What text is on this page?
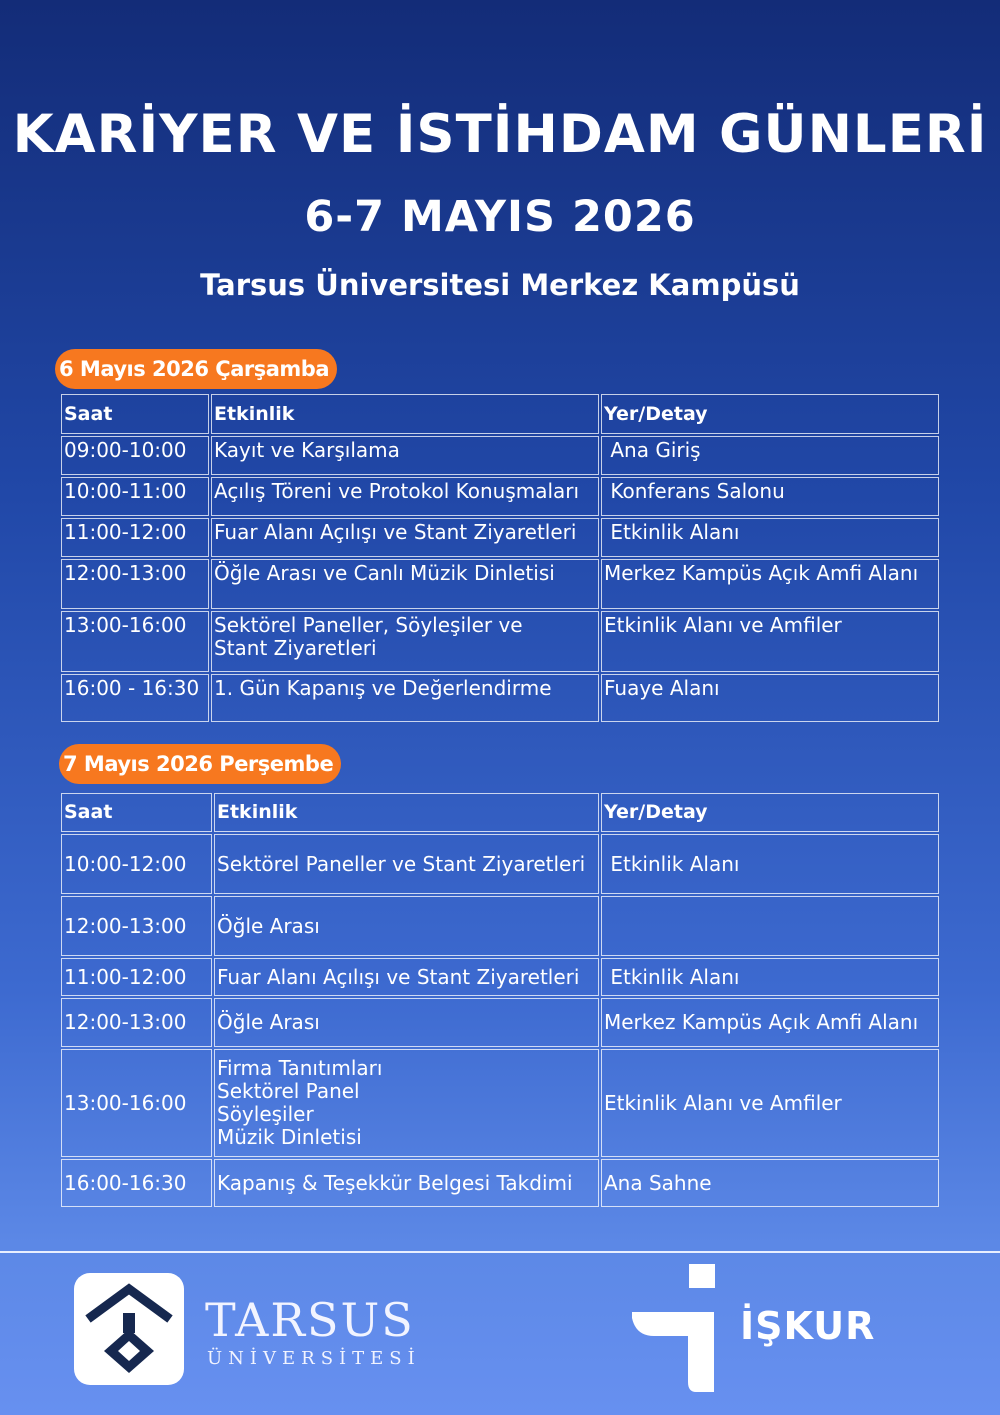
KARİYER VE İSTİHDAM GÜNLERİ
6-7 MAYIS 2026
Tarsus Üniversitesi Merkez Kampüsü
6 Mayıs 2026 Çarşamba
Saat	Etkinlik	Yer/Detay
09:00-10:00	Kayıt ve Karşılama	Ana Giriş
10:00-11:00	Açılış Töreni ve Protokol Konuşmaları	Konferans Salonu
11:00-12:00	Fuar Alanı Açılışı ve Stant Ziyaretleri	Etkinlik Alanı
12:00-13:00	Öğle Arası ve Canlı Müzik Dinletisi	Merkez Kampüs Açık Amfi Alanı
13:00-16:00	Sektörel Paneller, Söyleşiler ve Stant Ziyaretleri	Etkinlik Alanı ve Amfiler
16:00 - 16:30	1. Gün Kapanış ve Değerlendirme	Fuaye Alanı
7 Mayıs 2026 Perşembe
Saat	Etkinlik	Yer/Detay
10:00-12:00	Sektörel Paneller ve Stant Ziyaretleri	Etkinlik Alanı
12:00-13:00	Öğle Arası	
11:00-12:00	Fuar Alanı Açılışı ve Stant Ziyaretleri	Etkinlik Alanı
12:00-13:00	Öğle Arası	Merkez Kampüs Açık Amfi Alanı
13:00-16:00	Firma Tanıtımları
Sektörel Panel
Söyleşiler
Müzik Dinletisi	Etkinlik Alanı ve Amfiler
16:00-16:30	Kapanış & Teşekkür Belgesi Takdimi	Ana Sahne
TARSUS
ÜNİVERSİTESİ
İŞKUR
